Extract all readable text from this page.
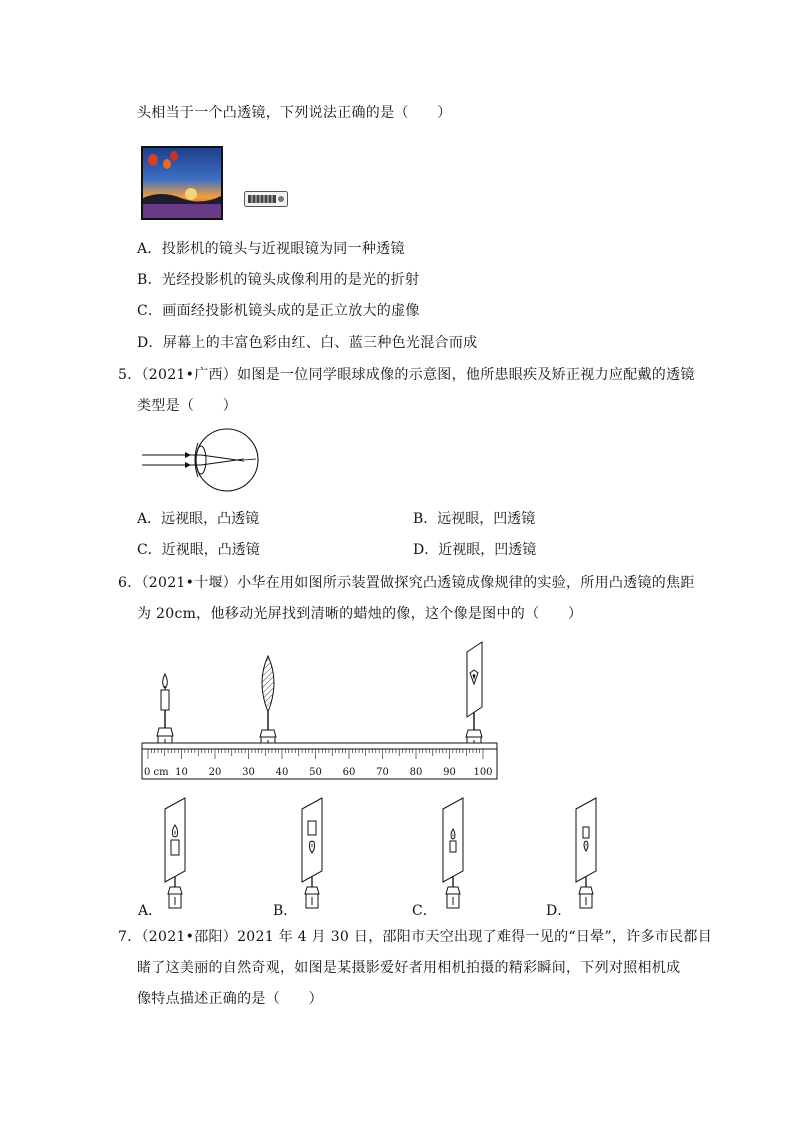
头相当于一个凸透镜，下列说法正确的是（　　）
A．投影机的镜头与近视眼镜为同一种透镜
B．光经投影机的镜头成像利用的是光的折射
C．画面经投影机镜头成的是正立放大的虚像
D．屏幕上的丰富色彩由红、白、蓝三种色光混合而成
5．（2021•广西）如图是一位同学眼球成像的示意图，他所患眼疾及矫正视力应配戴的透镜
类型是（　　）
A．远视眼，凸透镜	B．远视眼，凹透镜
C．近视眼，凸透镜	D．近视眼，凹透镜
6．（2021•十堰）小华在用如图所示装置做探究凸透镜成像规律的实验，所用凸透镜的焦距
为 20cm，他移动光屏找到清晰的蜡烛的像，这个像是图中的（　　）
0 cm 10 20 30 40 50 60 70 80 90 100
A．	B．	C．	D．
7．（2021•邵阳）2021 年 4 月 30 日，邵阳市天空出现了难得一见的“日晕”，许多市民都目
睹了这美丽的自然奇观，如图是某摄影爱好者用相机拍摄的精彩瞬间，下列对照相机成
像特点描述正确的是（　　）
